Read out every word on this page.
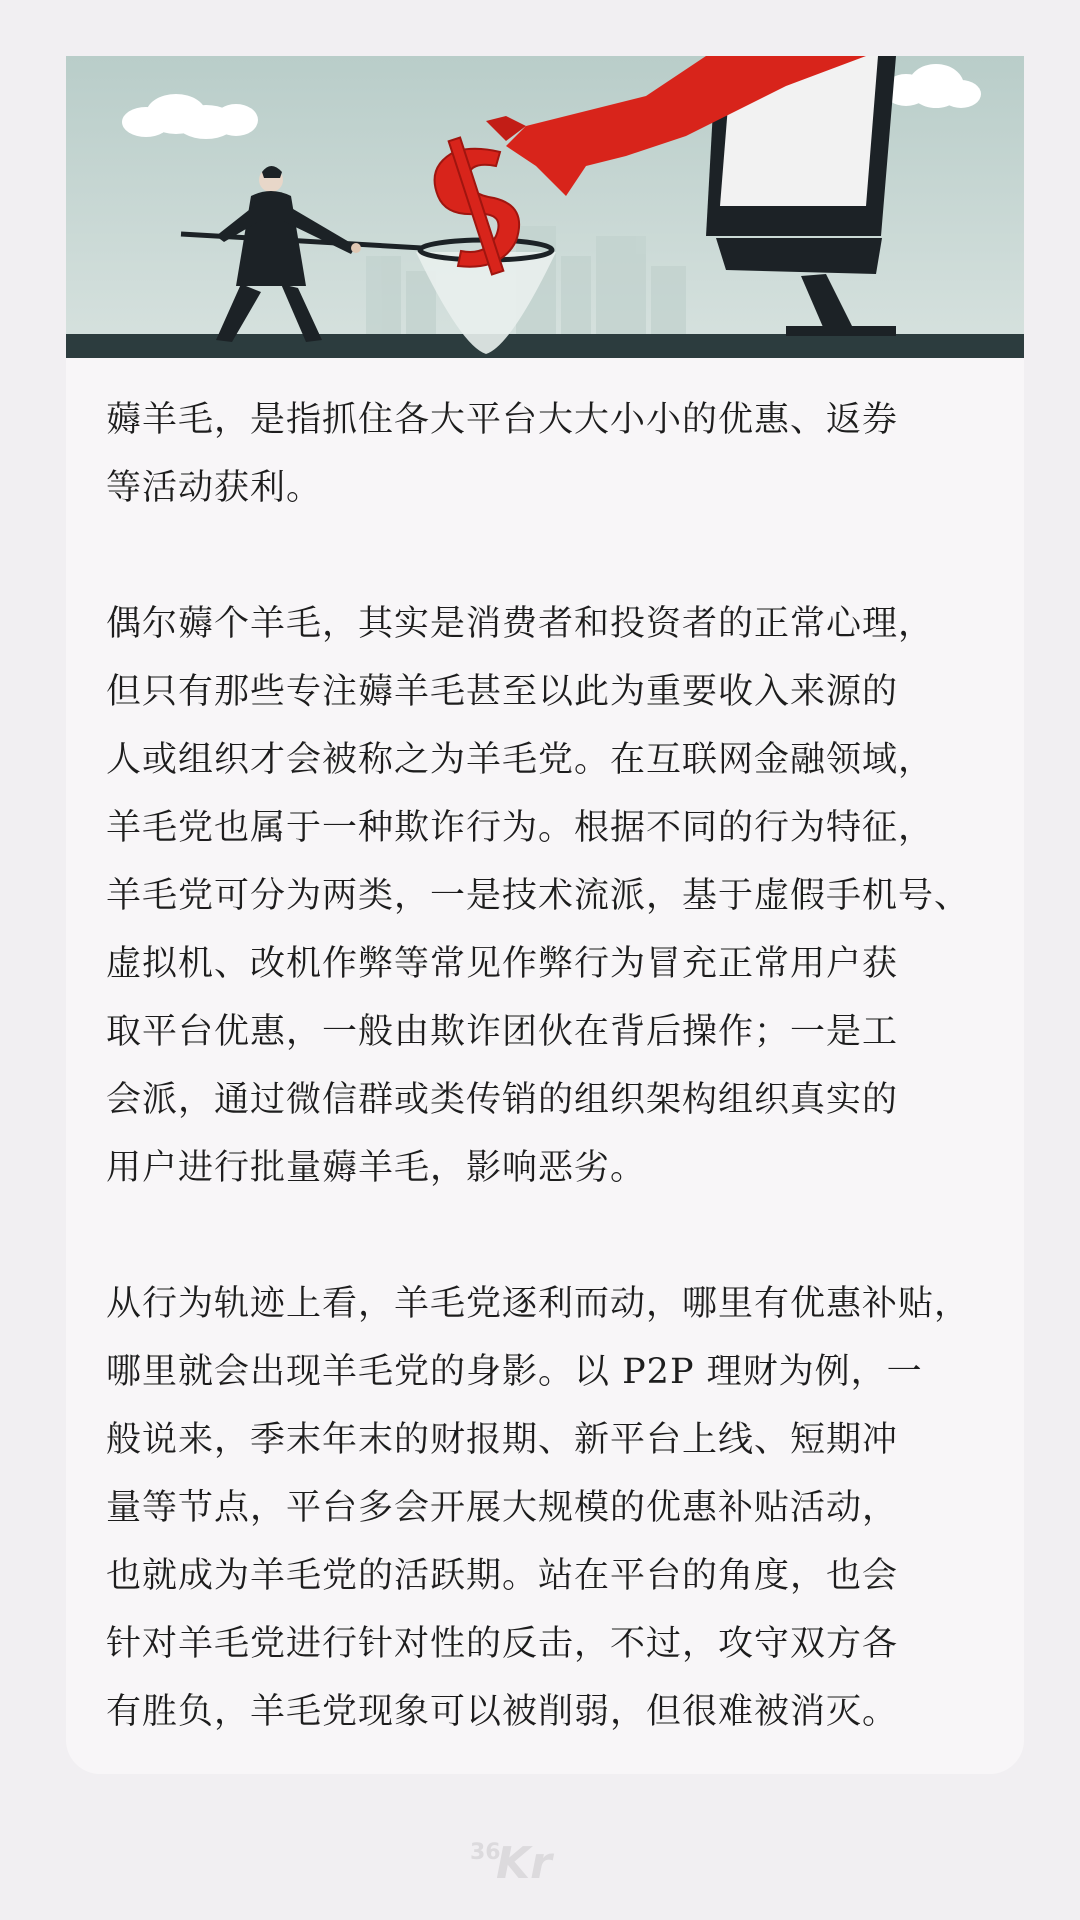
薅羊毛，是指抓住各大平台大大小小的优惠、返券
等活动获利。

偶尔薅个羊毛，其实是消费者和投资者的正常心理，
但只有那些专注薅羊毛甚至以此为重要收入来源的
人或组织才会被称之为羊毛党。在互联网金融领域，
羊毛党也属于一种欺诈行为。根据不同的行为特征，
羊毛党可分为两类，一是技术流派，基于虚假手机号、
虚拟机、改机作弊等常见作弊行为冒充正常用户获
取平台优惠，一般由欺诈团伙在背后操作；一是工
会派，通过微信群或类传销的组织架构组织真实的
用户进行批量薅羊毛，影响恶劣。

从行为轨迹上看，羊毛党逐利而动，哪里有优惠补贴，
哪里就会出现羊毛党的身影。以 P2P 理财为例，一
般说来，季末年末的财报期、新平台上线、短期冲
量等节点，平台多会开展大规模的优惠补贴活动，
也就成为羊毛党的活跃期。站在平台的角度，也会
针对羊毛党进行针对性的反击，不过，攻守双方各
有胜负，羊毛党现象可以被削弱，但很难被消灭。

36
Kr
